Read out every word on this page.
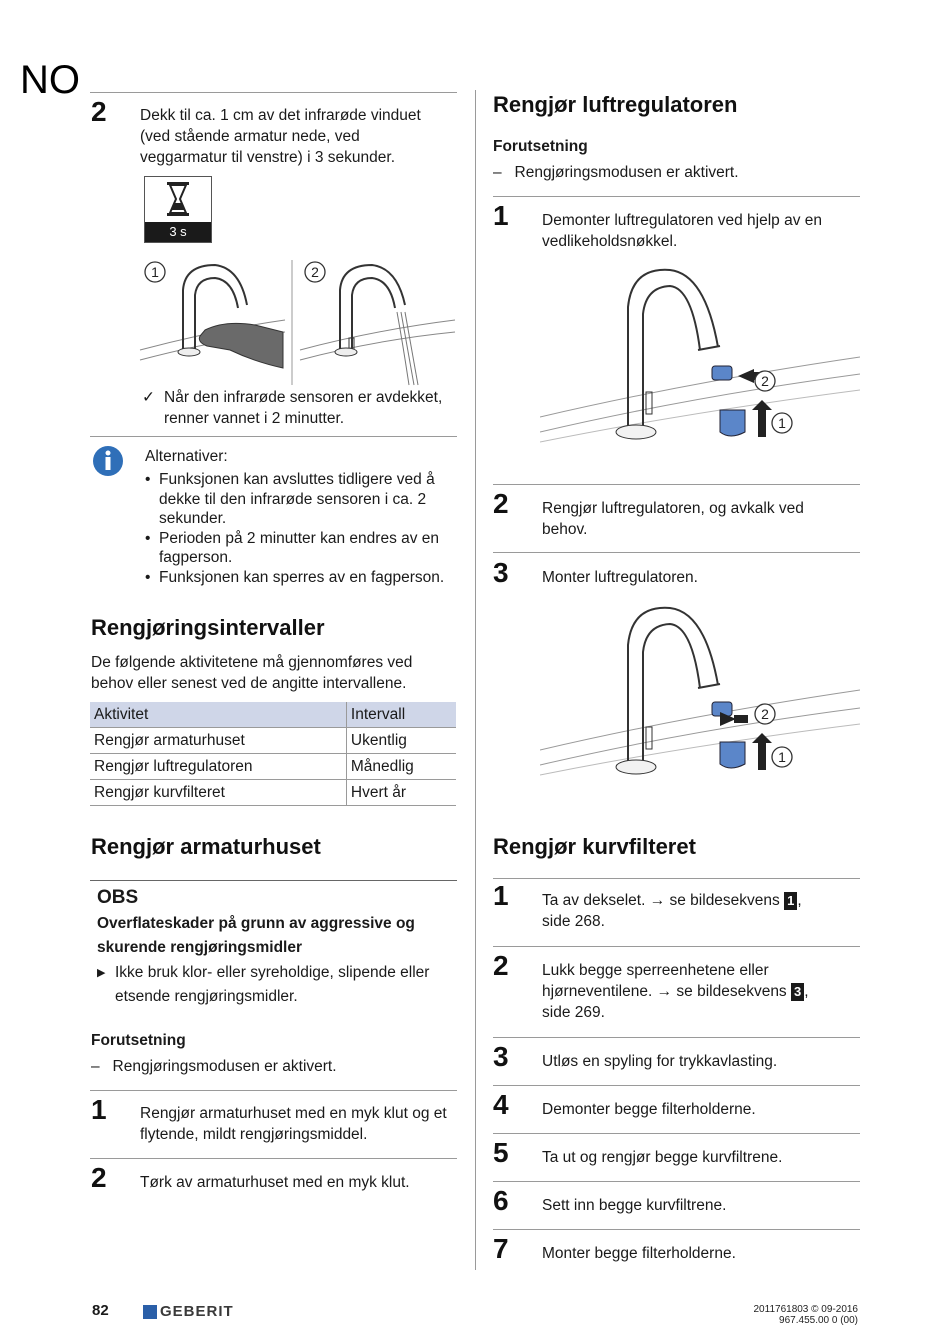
NO
2 Dekk til ca. 1 cm av det infrarøde vinduet
(ved stående armatur nede, ved
veggarmatur til venstre) i 3 sekunder.
3 s
1	2
✓ Når den infrarøde sensoren er avdekket,
renner vannet i 2 minutter.
Alternativer:
• Funksjonen kan avsluttes tidligere ved å
dekke til den infrarøde sensoren i ca. 2
sekunder.
• Perioden på 2 minutter kan endres av en
fagperson.
• Funksjonen kan sperres av en fagperson.
Rengjøringsintervaller
De følgende aktivitetene må gjennomføres ved
behov eller senest ved de angitte intervallene.
Aktivitet	Intervall
Rengjør armaturhuset	Ukentlig
Rengjør luftregulatoren	Månedlig
Rengjør kurvfilteret	Hvert år
Rengjør armaturhuset
OBS
Overflateskader på grunn av aggressive og
skurende rengjøringsmidler
▶ Ikke bruk klor- eller syreholdige, slipende eller
etsende rengjøringsmidler.
Forutsetning
–   Rengjøringsmodusen er aktivert.
1 Rengjør armaturhuset med en myk klut og et
flytende, mildt rengjøringsmiddel.
2 Tørk av armaturhuset med en myk klut.
Rengjør luftregulatoren
Forutsetning
–   Rengjøringsmodusen er aktivert.
1 Demonter luftregulatoren ved hjelp av en
vedlikeholdsnøkkel.
2
1
2 Rengjør luftregulatoren, og avkalk ved
behov.
3 Monter luftregulatoren.
2
1
Rengjør kurvfilteret
1 Ta av dekselet. → se bildesekvens 1 ,
side 268.
2 Lukk begge sperreenhetene eller
hjørneventilene. → se bildesekvens 3 ,
side 269.
3 Utløs en spyling for trykkavlasting.
4 Demonter begge filterholderne.
5 Ta ut og rengjør begge kurvfiltrene.
6 Sett inn begge kurvfiltrene.
7 Monter begge filterholderne.
82	GEBERIT	2011761803 © 09-2016
967.455.00 0 (00)
